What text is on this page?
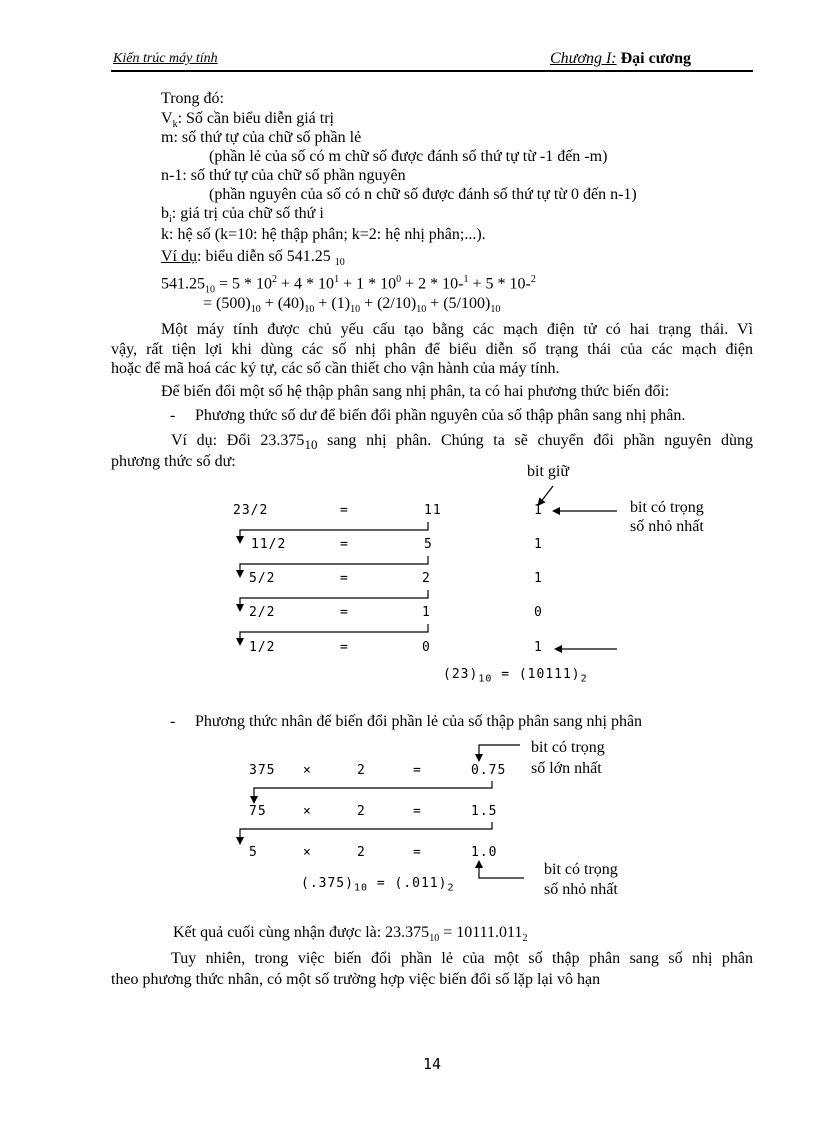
Kiến trúc máy tính	Chương I: Đại cương
Trong đó:
$V_k$: Số cần biểu diễn giá trị
m: số thứ tự của chữ số phần lẻ
(phần lẻ của số có m chữ số được đánh số thứ tự từ -1 đến -m)
n-1: số thứ tự của chữ số phần nguyên
(phần nguyên của số có n chữ số được đánh số thứ tự từ 0 đến n-1)
$b_i$: giá trị của chữ số thứ i
k: hệ số (k=10: hệ thập phân; k=2: hệ nhị phân;...).
Ví dụ: biểu diễn số 541.25 $_{10}$
$541.25_{10} = 5 * 10^2 + 4 * 10^1 + 1 * 10^0 + 2 * 10-^1 + 5 * 10-^2$
= $(500)_{10} + (40)_{10} + (1)_{10} + (2/10)_{10} + (5/100)_{10}$
Một máy tính được chủ yếu cấu tạo bằng các mạch điện tử có hai trạng thái. Vì
vậy, rất tiện lợi khi dùng các số nhị phân để biểu diễn số trạng thái của các mạch điện
hoặc để mã hoá các ký tự, các số cần thiết cho vận hành của máy tính.
Để biến đổi một số hệ thập phân sang nhị phân, ta có hai phương thức biến đổi:
- Phương thức số dư để biến đổi phần nguyên của số thập phân sang nhị phân.
Ví dụ: Đổi $23.375_{10}$ sang nhị phân. Chúng ta sẽ chuyển đổi phần nguyên dùng
phương thức số dư:
bit giữ
bit có trọng
số nhỏ nhất
23/2	=	11	1
11/2	=	5	1
5/2	=	2	1
2/2	=	1	0
1/2	=	0	1
$(23)_{10} = (10111)_2$
- Phương thức nhân để biến đổi phần lẻ của số thập phân sang nhị phân
bit có trọng
số lớn nhất
375 ×	2	=	0.75
75	×	2	=	1.5
5	×	2	=	1.0
bit có trọng
số nhỏ nhất
$(.375)_{10} = (.011)_2$
Kết quả cuối cùng nhận được là: $23.375_{10} = 10111.011_2$
Tuy nhiên, trong việc biến đổi phần lẻ của một số thập phân sang số nhị phân
theo phương thức nhân, có một số trường hợp việc biến đổi số lặp lại vô hạn
14
